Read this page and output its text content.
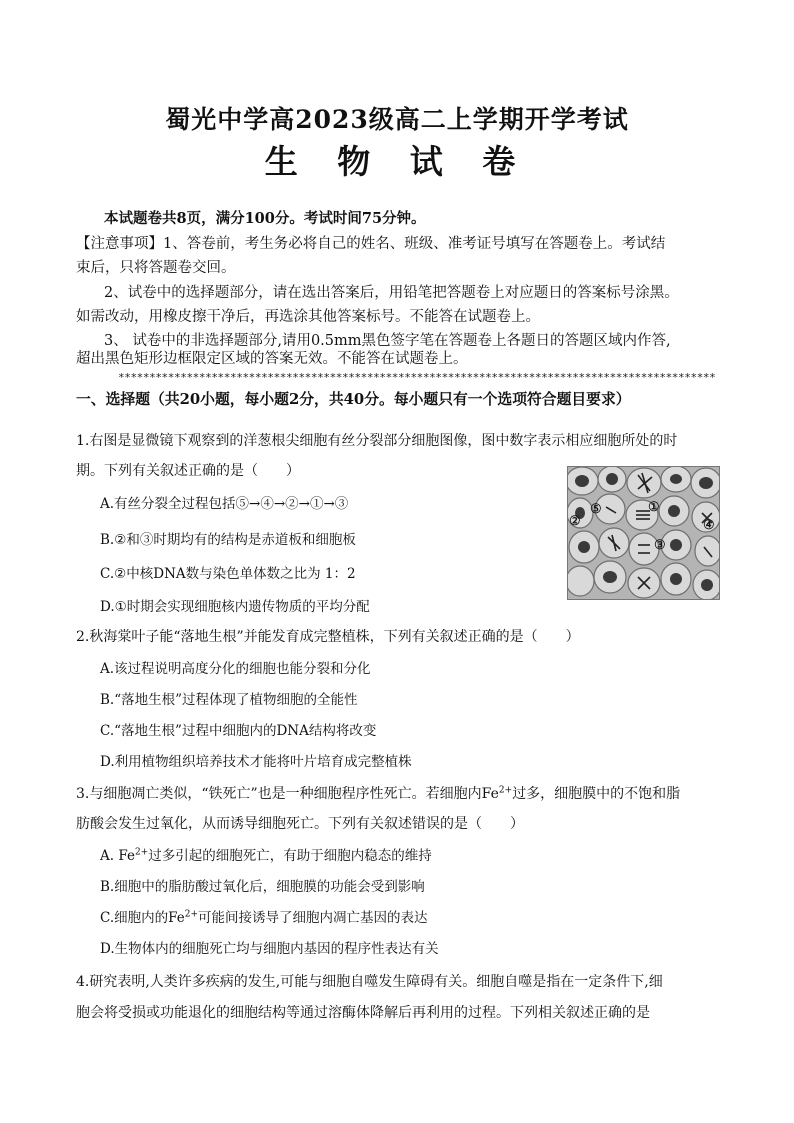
蜀光中学高2023级高二上学期开学考试
生 物 试 卷
本试题卷共8页，满分100分。考试时间75分钟。
【注意事项】1、答卷前，考生务必将自己的姓名、班级、准考证号填写在答题卷上。考试结
束后，只将答题卷交回。
2、试卷中的选择题部分，请在选出答案后，用铅笔把答题卷上对应题日的答案标号涂黑。
如需改动，用橡皮擦干净后，再选涂其他答案标号。不能答在试题卷上。
3、 试卷中的非选择题部分,请用0.5mm黑色签字笔在答题卷上各题日的答题区域内作答,
超出黑色矩形边框限定区域的答案无效。不能答在试题卷上。
************************************************************************************************
一、选择题（共20小题，每小题2分，共40分。每小题只有一个选项符合题目要求）
1.右图是显微镜下观察到的洋葱根尖细胞有丝分裂部分细胞图像，图中数字表示相应细胞所处的时
期。下列有关叙述正确的是（　　）
A.有丝分裂全过程包括⑤→④→②→①→③
B.②和③时期均有的结构是赤道板和细胞板
C.②中核DNA数与染色单体数之比为 1：2
D.①时期会实现细胞核内遗传物质的平均分配
①
②
③
④
⑤
2.秋海棠叶子能“落地生根”并能发育成完整植株，下列有关叙述正确的是（　　）
A.该过程说明高度分化的细胞也能分裂和分化
B.“落地生根”过程体现了植物细胞的全能性
C.“落地生根”过程中细胞内的DNA结构将改变
D.利用植物组织培养技术才能将叶片培育成完整植株
3.与细胞凋亡类似，“铁死亡”也是一种细胞程序性死亡。若细胞内$Fe^{2+}$过多，细胞膜中的不饱和脂
肪酸会发生过氧化，从而诱导细胞死亡。下列有关叙述错误的是（　　）
A. $Fe^{2+}$过多引起的细胞死亡，有助于细胞内稳态的维持
B.细胞中的脂肪酸过氧化后，细胞膜的功能会受到影响
C.细胞内的$Fe^{2+}$可能间接诱导了细胞内凋亡基因的表达
D.生物体内的细胞死亡均与细胞内基因的程序性表达有关
4.研究表明,人类许多疾病的发生,可能与细胞自噬发生障碍有关。细胞自噬是指在一定条件下,细
胞会将受损或功能退化的细胞结构等通过溶酶体降解后再利用的过程。下列相关叙述正确的是
